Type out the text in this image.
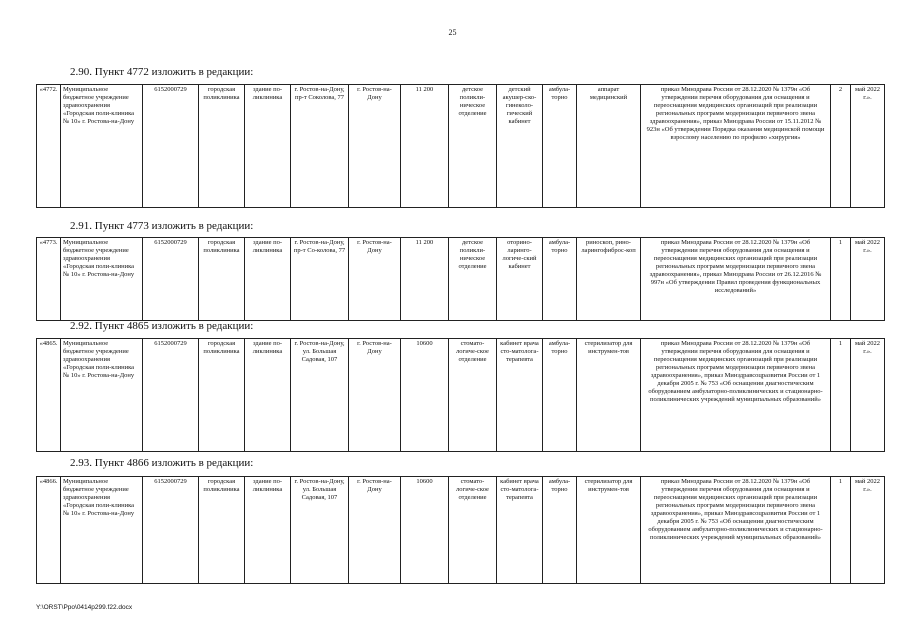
25
2.90. Пункт 4772 изложить в редакции:
«4772.	Муниципальное бюджетное учреждение здравоохранения «Городская поли-клиника № 10» г. Ростова-на-Дону	6152000729	городская поликлиника	здание по-ликлиника	г. Ростов-на-Дону, пр-т Соколова, 77	г. Ростов-на-Дону	11 200	детское поликли-ническое отделение	детский акушер-ско-гинеколо-гический кабинет	амбула-торно	аппарат медицинский	приказ Минздрава России от 28.12.2020 № 1379н «Об утверждении перечня оборудования для оснащения и переоснащения медицинских организаций при реализации региональных программ модернизации первичного звена здравоохранения», приказ Минздрава России от 15.11.2012 № 923н «Об утверждении Порядка оказания медицинской помощи взрослому населению по профилю «хирургия»	2	май 2022 г.».
2.91. Пункт 4773 изложить в редакции:
«4773.	Муниципальное бюджетное учреждение здравоохранения «Городская поли-клиника № 10» г. Ростова-на-Дону	6152000729	городская поликлиника	здание по-ликлиника	г. Ростов-на-Дону, пр-т Со-колова, 77	г. Ростов-на-Дону	11 200	детское поликли-ническое отделение	оторино-ларинго-логиче-ский кабинет	амбула-торно	риноскоп, рино-ларингофиброс-коп	приказ Минздрава России от 28.12.2020 № 1379н «Об утверждении перечня оборудования для оснащения и переоснащения медицинских организаций при реализации региональных программ модернизации первичного звена здравоохранения», приказ Минздрава России от 26.12.2016 № 997н «Об утверждении Правил проведения функциональных исследований»	1	май 2022 г.».
2.92. Пункт 4865 изложить в редакции:
«4865.	Муниципальное бюджетное учреждение здравоохранения «Городская поли-клиника № 10» г. Ростова-на-Дону	6152000729	городская поликлиника	здание по-ликлиника	г. Ростов-на-Дону, ул. Большая Садовая, 107	г. Ростов-на-Дону	10600	стомато-логиче-ское отделение	кабинет врача сто-матолога-терапевта	амбула-торно	стерилизатор для инструмен-тов	приказ Минздрава России от 28.12.2020 № 1379н «Об утверждении перечня оборудования для оснащения и переоснащения медицинских организаций при реализации региональных программ модернизации первичного звена здравоохранения», приказ Минздравсоцразвития России от 1 декабря 2005 г. № 753 «Об оснащении диагностическим оборудованием амбулаторно-поликлинических и стационарно-поликлинических учреждений муниципальных образований»	1	май 2022 г.».
2.93. Пункт 4866 изложить в редакции:
«4866.	Муниципальное бюджетное учреждение здравоохранения «Городская поли-клиника № 10» г. Ростова-на-Дону	6152000729	городская поликлиника	здание по-ликлиника	г. Ростов-на-Дону, ул. Большая Садовая, 107	г. Ростов-на-Дону	10600	стомато-логиче-ское отделение	кабинет врача сто-матолога-терапевта	амбула-торно	стерилизатор для инструмен-тов	приказ Минздрава России от 28.12.2020 № 1379н «Об утверждении перечня оборудования для оснащения и переоснащения медицинских организаций при реализации региональных программ модернизации первичного звена здравоохранения», приказ Минздравсоцразвития России от 1 декабря 2005 г. № 753 «Об оснащении диагностическим оборудованием амбулаторно-поликлинических и стационарно-поликлинических учреждений муниципальных образований»	1	май 2022 г.».
Y:\ORST\Ppo\0414p299.f22.docx
